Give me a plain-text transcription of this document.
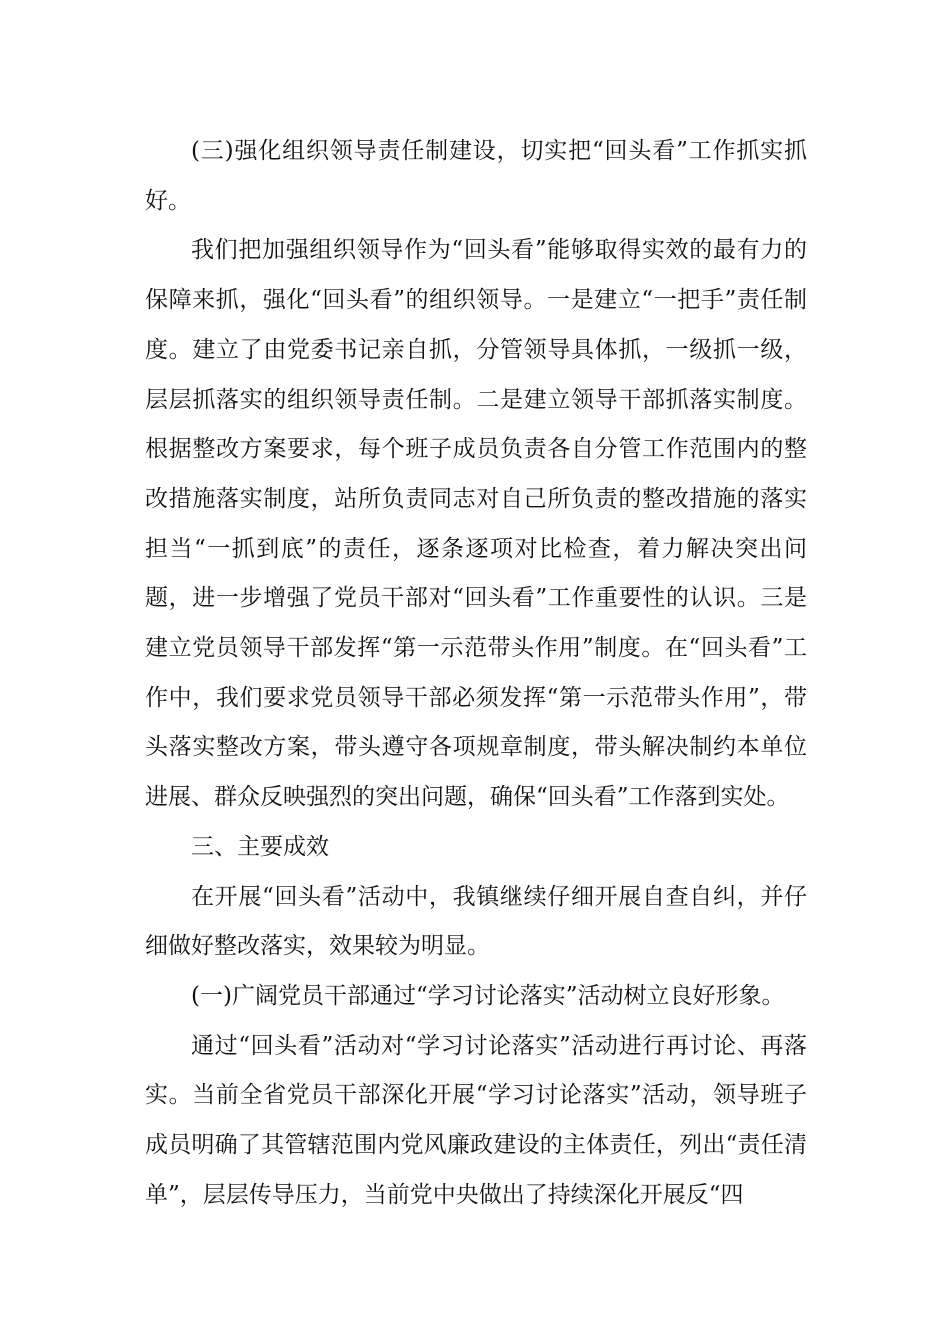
(三)强化组织领导责任制建设，切实把“回头看”工作抓实抓好。

我们把加强组织领导作为“回头看”能够取得实效的最有力的保障来抓，强化“回头看”的组织领导。一是建立“一把手”责任制度。建立了由党委书记亲自抓，分管领导具体抓，一级抓一级，层层抓落实的组织领导责任制。二是建立领导干部抓落实制度。根据整改方案要求，每个班子成员负责各自分管工作范围内的整改措施落实制度，站所负责同志对自己所负责的整改措施的落实担当“一抓到底”的责任，逐条逐项对比检查，着力解决突出问题，进一步增强了党员干部对“回头看”工作重要性的认识。三是建立党员领导干部发挥“第一示范带头作用”制度。在“回头看”工作中，我们要求党员领导干部必须发挥“第一示范带头作用”，带头落实整改方案，带头遵守各项规章制度，带头解决制约本单位进展、群众反映强烈的突出问题，确保“回头看”工作落到实处。

三、主要成效

在开展“回头看”活动中，我镇继续仔细开展自查自纠，并仔细做好整改落实，效果较为明显。

(一)广阔党员干部通过“学习讨论落实”活动树立良好形象。

通过“回头看”活动对“学习讨论落实”活动进行再讨论、再落实。当前全省党员干部深化开展“学习讨论落实”活动，领导班子成员明确了其管辖范围内党风廉政建设的主体责任，列出“责任清单”，层层传导压力，当前党中央做出了持续深化开展反“四
